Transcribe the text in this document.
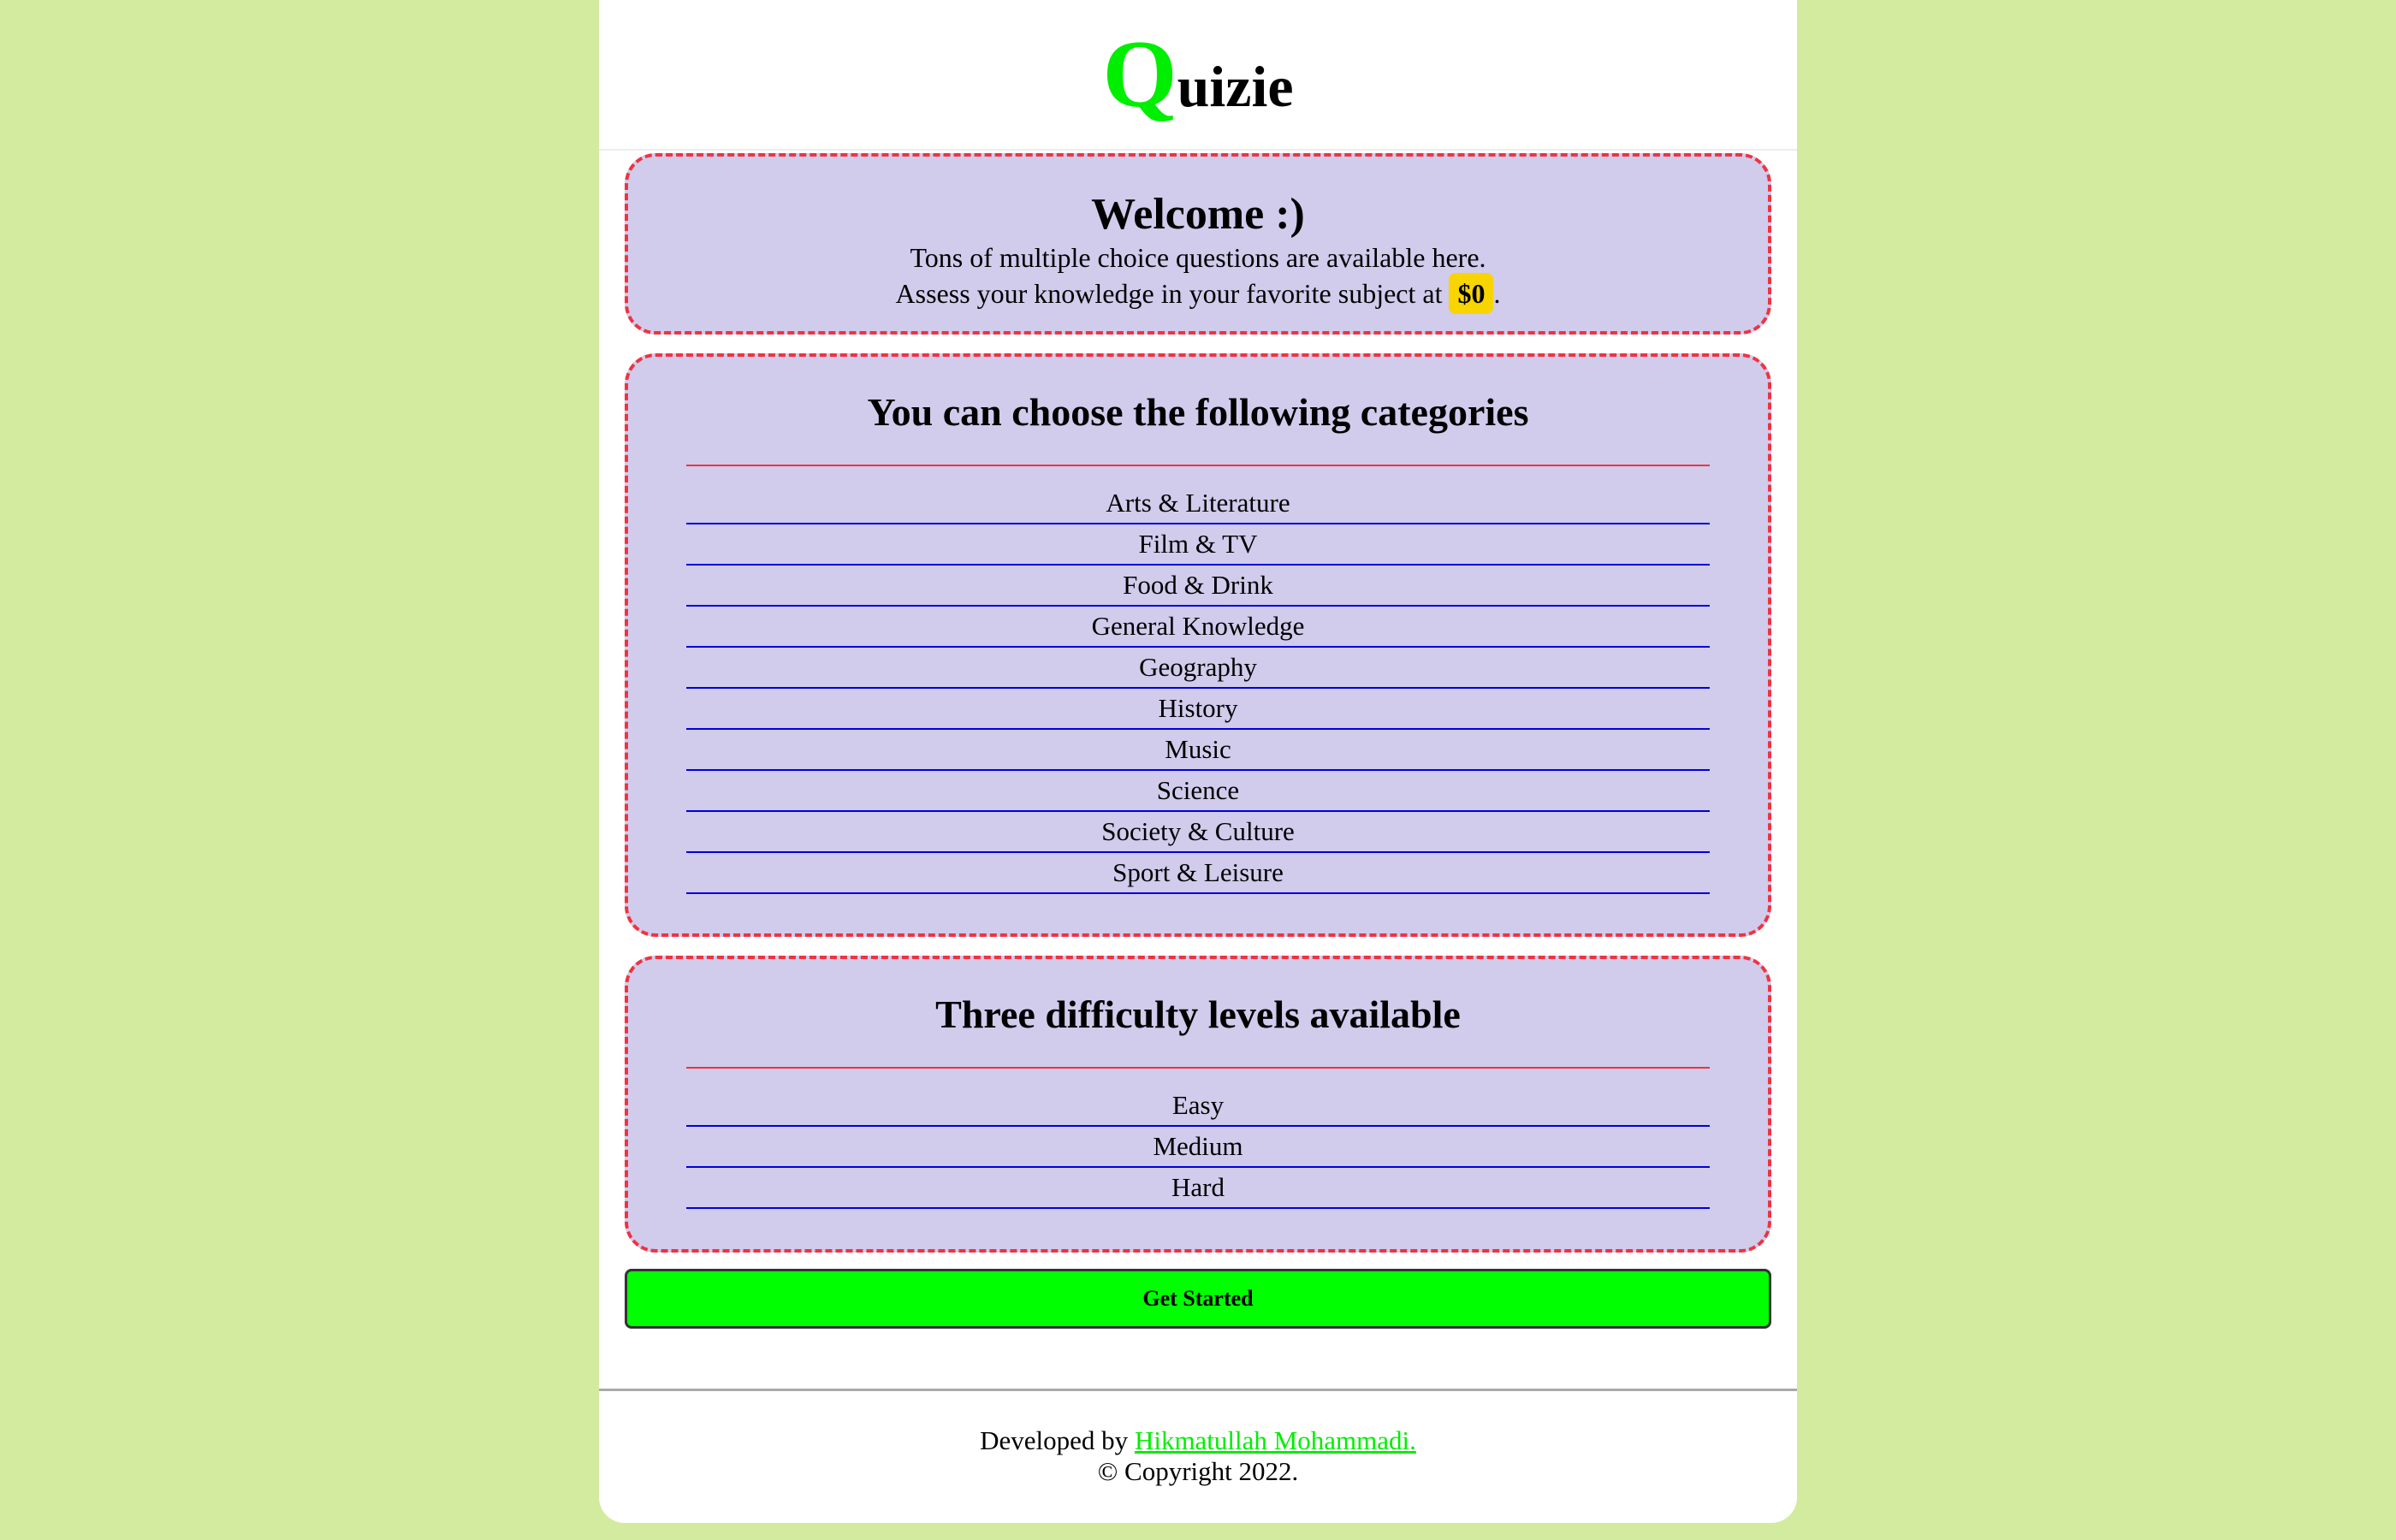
Quizie
Welcome :)

Tons of multiple choice questions are available here.

Assess your knowledge in your favorite subject at $0 .

You can choose the following categories
Arts & Literature
Film & TV
Food & Drink
General Knowledge
Geography
History
Music
Science
Society & Culture
Sport & Leisure
Three difficulty levels available
Easy
Medium
Hard
Get Started
Developed by Hikmatullah Mohammadi.
© Copyright 2022.
